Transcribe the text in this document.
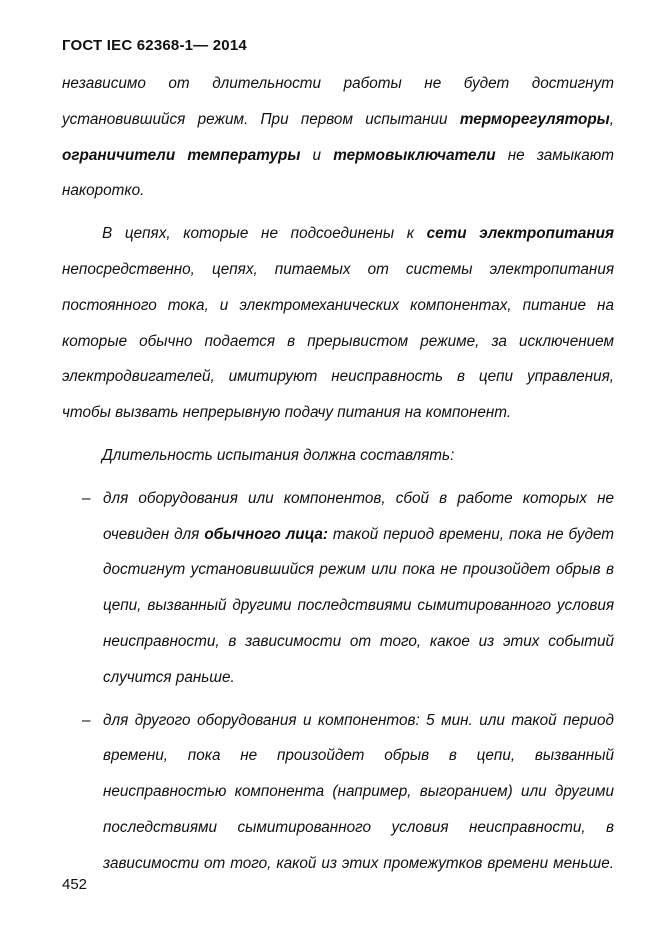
ГОСТ IEC 62368-1— 2014

независимо от длительности работы не будет достигнут установившийся режим. При первом испытании терморегуляторы, ограничители температуры и термовыключатели не замыкают накоротко.

В цепях, которые не подсоединены к сети электропитания непосредственно, цепях, питаемых от системы электропитания постоянного тока, и электромеханических компонентах, питание на которые обычно подается в прерывистом режиме, за исключением электродвигателей, имитируют неисправность в цепи управления, чтобы вызвать непрерывную подачу питания на компонент.

Длительность испытания должна составлять:

– для оборудования или компонентов, сбой в работе которых не очевиден для обычного лица: такой период времени, пока не будет достигнут установившийся режим или пока не произойдет обрыв в цепи, вызванный другими последствиями сымитированного условия неисправности, в зависимости от того, какое из этих событий случится раньше.
– для другого оборудования и компонентов: 5 мин. или такой период времени, пока не произойдет обрыв в цепи, вызванный неисправностью компонента (например, выгоранием) или другими последствиями сымитированного условия неисправности, в зависимости от того, какой из этих промежутков времени меньше.
452
